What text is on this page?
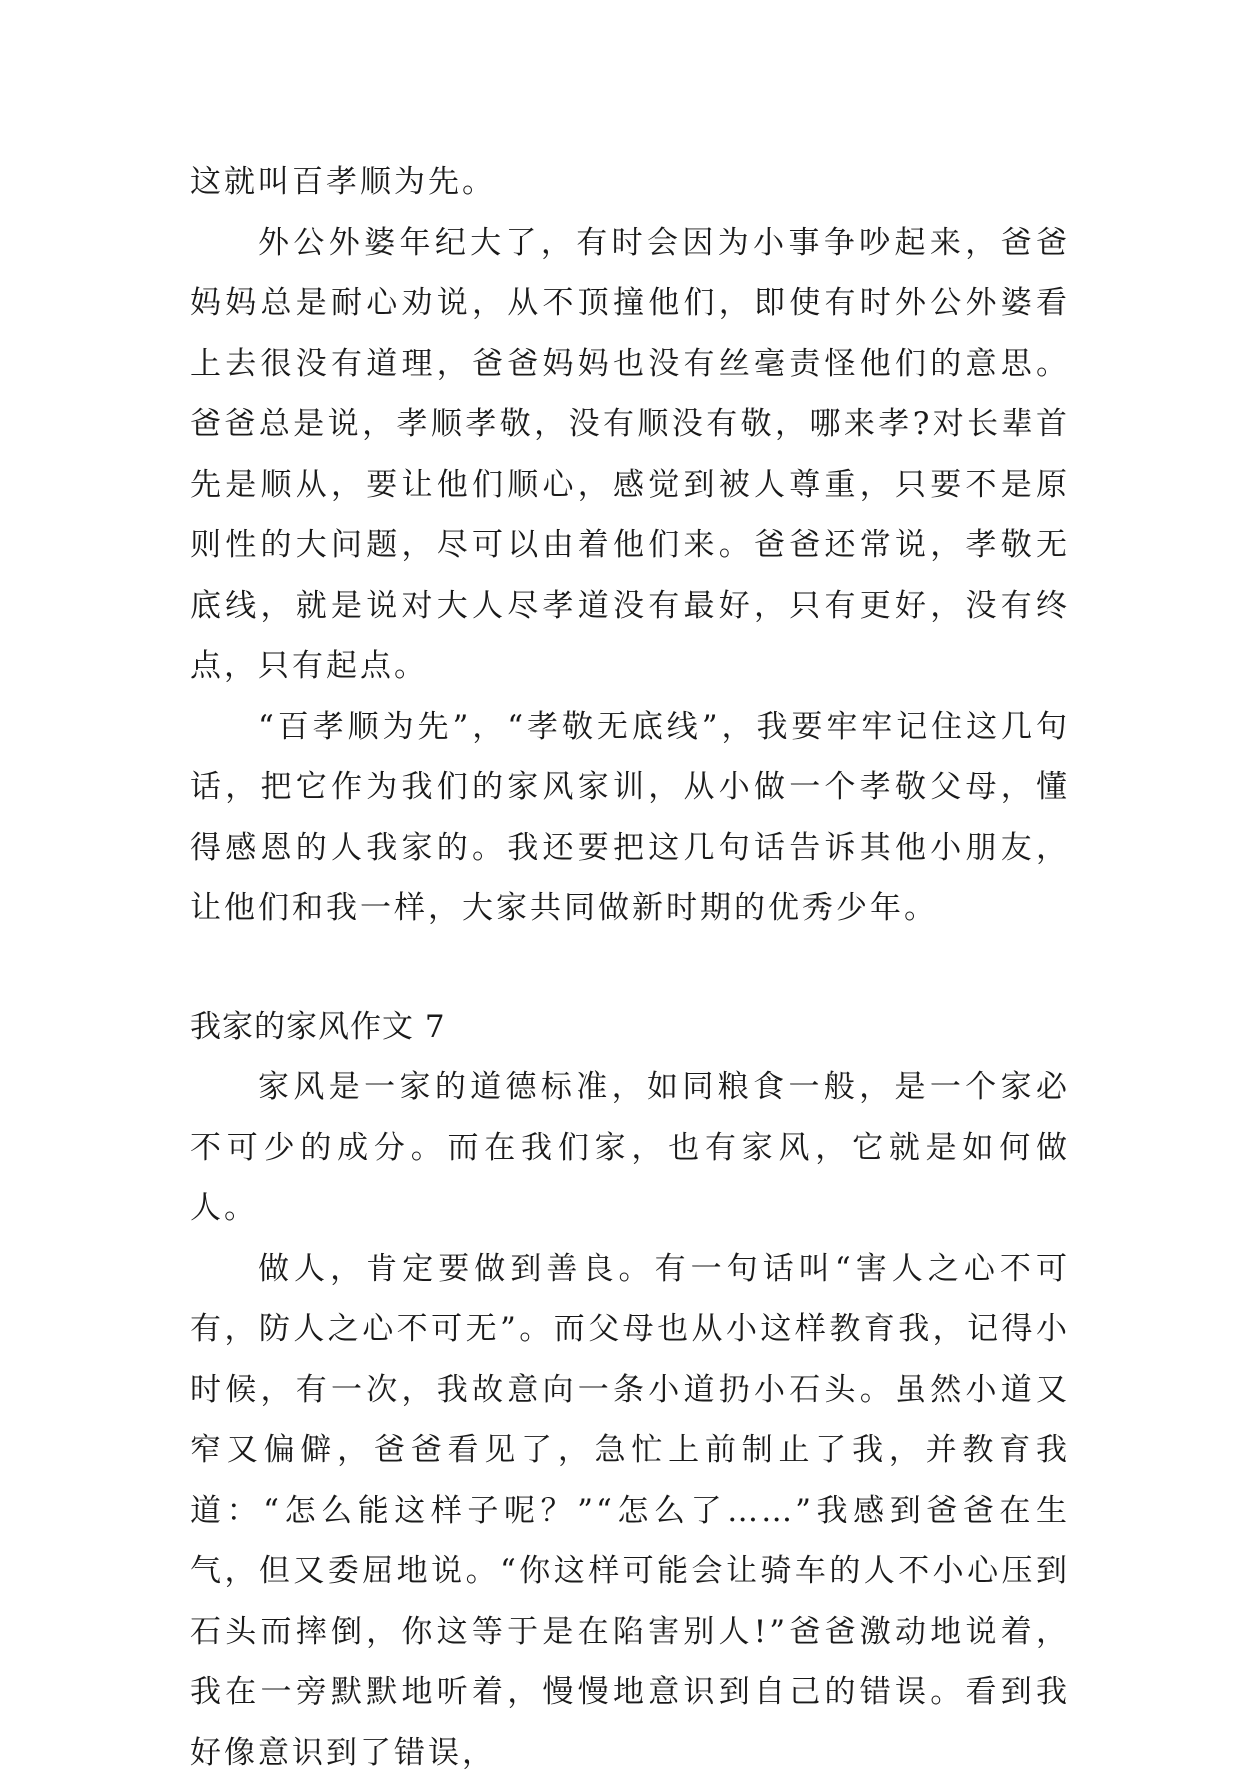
这就叫百孝顺为先。

外公外婆年纪大了，有时会因为小事争吵起来，爸爸妈妈总是耐心劝说，从不顶撞他们，即使有时外公外婆看上去很没有道理，爸爸妈妈也没有丝毫责怪他们的意思。爸爸总是说，孝顺孝敬，没有顺没有敬，哪来孝?对长辈首先是顺从，要让他们顺心，感觉到被人尊重，只要不是原则性的大问题，尽可以由着他们来。爸爸还常说，孝敬无底线，就是说对大人尽孝道没有最好，只有更好，没有终点，只有起点。

“百孝顺为先”，“孝敬无底线”，我要牢牢记住这几句话，把它作为我们的家风家训，从小做一个孝敬父母，懂得感恩的人我家的。我还要把这几句话告诉其他小朋友，让他们和我一样，大家共同做新时期的优秀少年。

我家的家风作文 7

家风是一家的道德标准，如同粮食一般，是一个家必不可少的成分。而在我们家，也有家风，它就是如何做人。

做人，肯定要做到善良。有一句话叫“害人之心不可有，防人之心不可无”。而父母也从小这样教育我，记得小时候，有一次，我故意向一条小道扔小石头。虽然小道又窄又偏僻，爸爸看见了，急忙上前制止了我，并教育我道：“怎么能这样子呢？”“怎么了……”我感到爸爸在生气，但又委屈地说。“你这样可能会让骑车的人不小心压到石头而摔倒，你这等于是在陷害别人!”爸爸激动地说着，我在一旁默默地听着，慢慢地意识到自己的错误。看到我好像意识到了错误，
